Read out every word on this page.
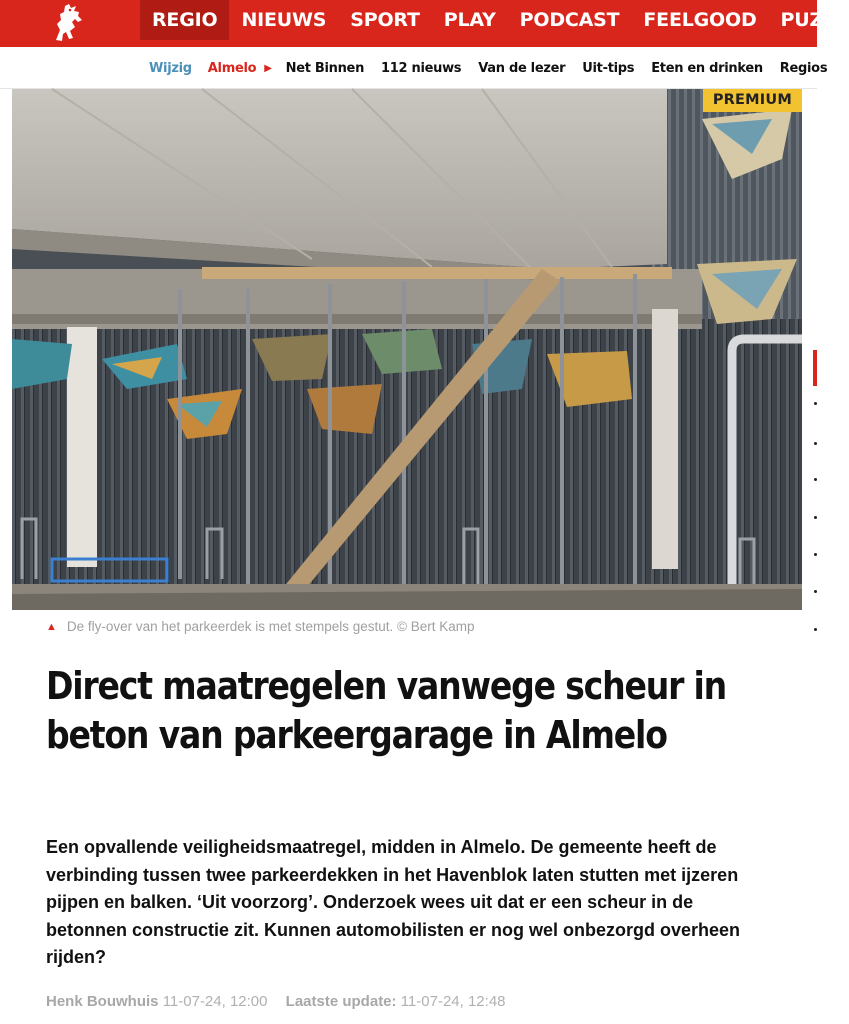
REGIO	NIEUWS	SPORT	PLAY	PODCAST	FEELGOOD	PUZZ
Wijzig Almelo ▶ Net Binnen 112 nieuws Van de lezer Uit-tips Eten en drinken Regios
PREMIUM
▲ De fly-over van het parkeerdek is met stempels gestut. © Bert Kamp
Direct maatregelen vanwege scheur in beton van parkeergarage in Almelo

Een opvallende veiligheidsmaatregel, midden in Almelo. De gemeente heeft de verbinding tussen twee parkeerdekken in het Havenblok laten stutten met ijzeren pijpen en balken. ‘Uit voorzorg’. Onderzoek wees uit dat er een scheur in de betonnen constructie zit. Kunnen automobilisten er nog wel onbezorgd overheen rijden?

Henk Bouwhuis 11-07-24, 12:00 Laatste update: 11-07-24, 12:48
